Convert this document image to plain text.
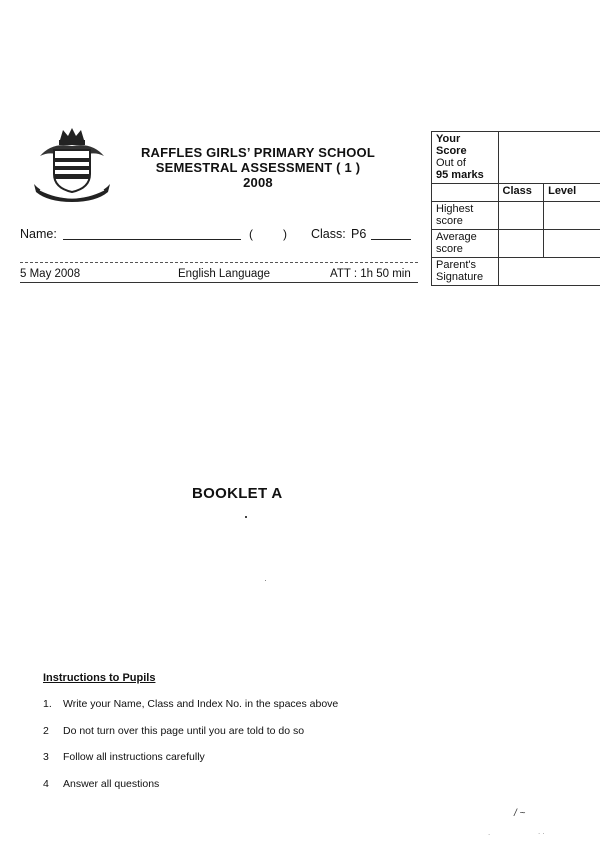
RAFFLES GIRLS’ PRIMARY SCHOOL
SEMESTRAL ASSESSMENT ( 1 )
2008
Name:	(	) Class: P6
5 May 2008	English Language	ATT : 1h 50 min
Your
Score
Out of
95 marks		

	Class	Level

Highest
score		

Average
score		

Parent's
Signature		

BOOKLET A
Instructions to Pupils
1.	Write your Name, Class and Index No. in the spaces above
2	Do not turn over this page until you are told to do so
3	Follow all instructions carefully
4	Answer all questions
/ ~
.	. .
